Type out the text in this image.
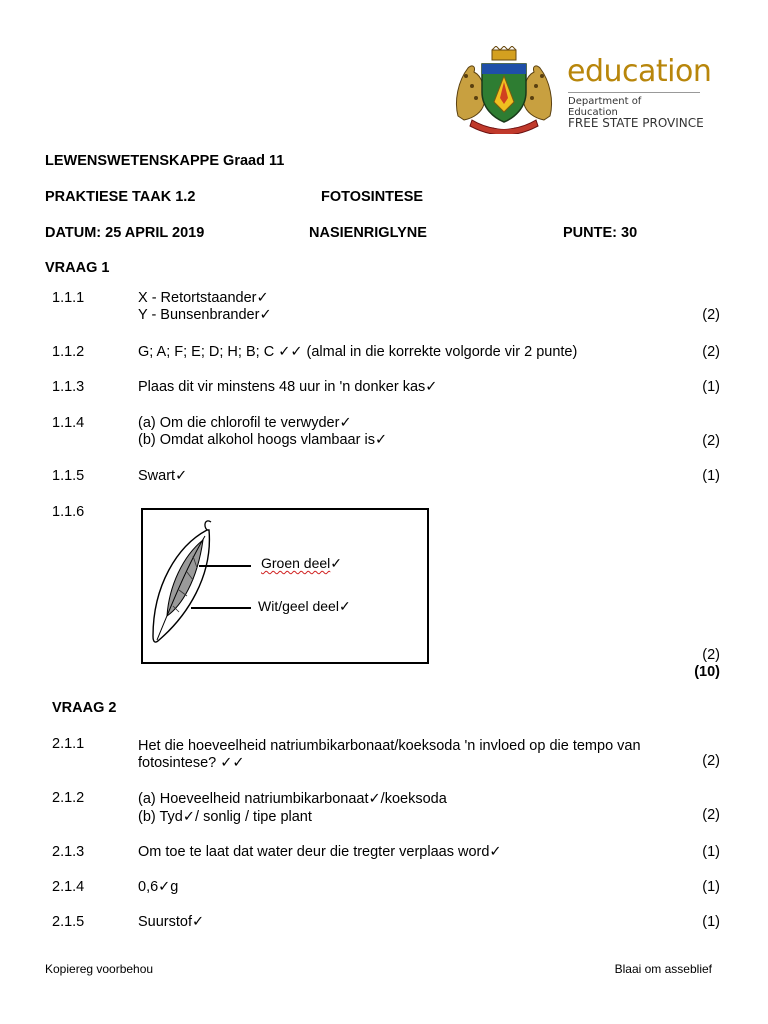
education
Department of
Education
FREE STATE PROVINCE
LEWENSWETENSKAPPE Graad 11
PRAKTIESE TAAK 1.2	FOTOSINTESE
DATUM: 25 APRIL 2019	NASIENRIGLYNE	PUNTE: 30
VRAAG 1
1.1.1	X - Retortstaander✓
Y - Bunsenbrander✓	(2)
1.1.2	G; A; F; E; D; H; B; C ✓✓ (almal in die korrekte volgorde vir 2 punte)	(2)
1.1.3	Plaas dit vir minstens 48 uur in 'n donker kas✓	(1)
1.1.4	(a) Om die chlorofil te verwyder✓
(b) Omdat alkohol hoogs vlambaar is✓	(2)
1.1.5	Swart✓	(1)
1.1.6
Groen deel✓
Wit/geel deel✓
(2)
(10)
VRAAG 2
2.1.1	Het die hoeveelheid natriumbikarbonaat/koeksoda 'n invloed op die tempo van
fotosintese? ✓✓	(2)
2.1.2	(a) Hoeveelheid natriumbikarbonaat✓/koeksoda
(b) Tyd✓/ sonlig / tipe plant	(2)
2.1.3	Om toe te laat dat water deur die tregter verplaas word✓	(1)
2.1.4	0,6✓g	(1)
2.1.5	Suurstof✓	(1)
Kopiereg voorbehou	Blaai om asseblief
